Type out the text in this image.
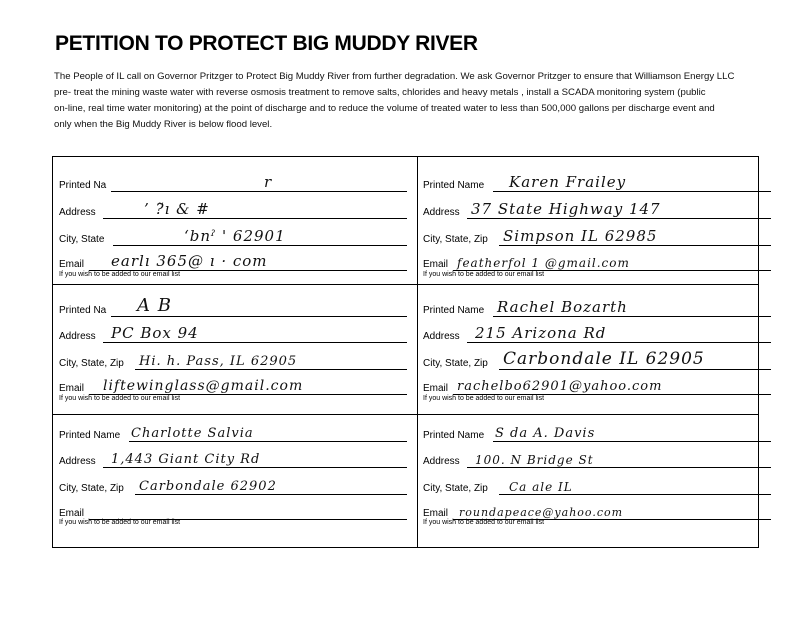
PETITION TO PROTECT BIG MUDDY RIVER

The People of IL call on Governor Pritzger to Protect Big Muddy River from further degradation. We ask Governor Pritzger to ensure that Williamson Energy LLC

pre- treat the mining waste water with reverse osmosis treatment to remove salts, chlorides and heavy metals , install a SCADA monitoring system (public

on-line, real time water monitoring) at the point of discharge and to reduce the volume of treated water to less than 500,000 gallons per discharge event and

only when the Big Muddy River is below flood level.

Printed Na	r
Address	’ ?̃ı & #
City, State	ʻbnˀ ' 62901
Email earlı 365@ ı · com
If you wish to be added to our email list
Printed Name Karen Frailey
Address 37 State Highway 147
City, State, Zip Simpson IL 62985
Email featherfol 1 @gmail.com
If you wish to be added to our email list
Printed Na A B
Address PC Box 94
City, State, Zip Hi. h. Pass, IL 62905
Email liftewinglass@gmail.com
If you wish to be added to our email list
Printed Name Rachel Bozarth
Address 215 Arizona Rd
City, State, Zip Carbondale IL 62905
Email rachelbo62901@yahoo.com
If you wish to be added to our email list
Printed Name Charlotte Salvia
Address 1,443 Giant City Rd
City, State, Zip Carbondale 62902
Email
If you wish to be added to our email list
Printed Name S da A. Davis
Address 100. N Bridge St
City, State, Zip Ca ale IL
Email roundapeace@yahoo.com
If you wish to be added to our email list
